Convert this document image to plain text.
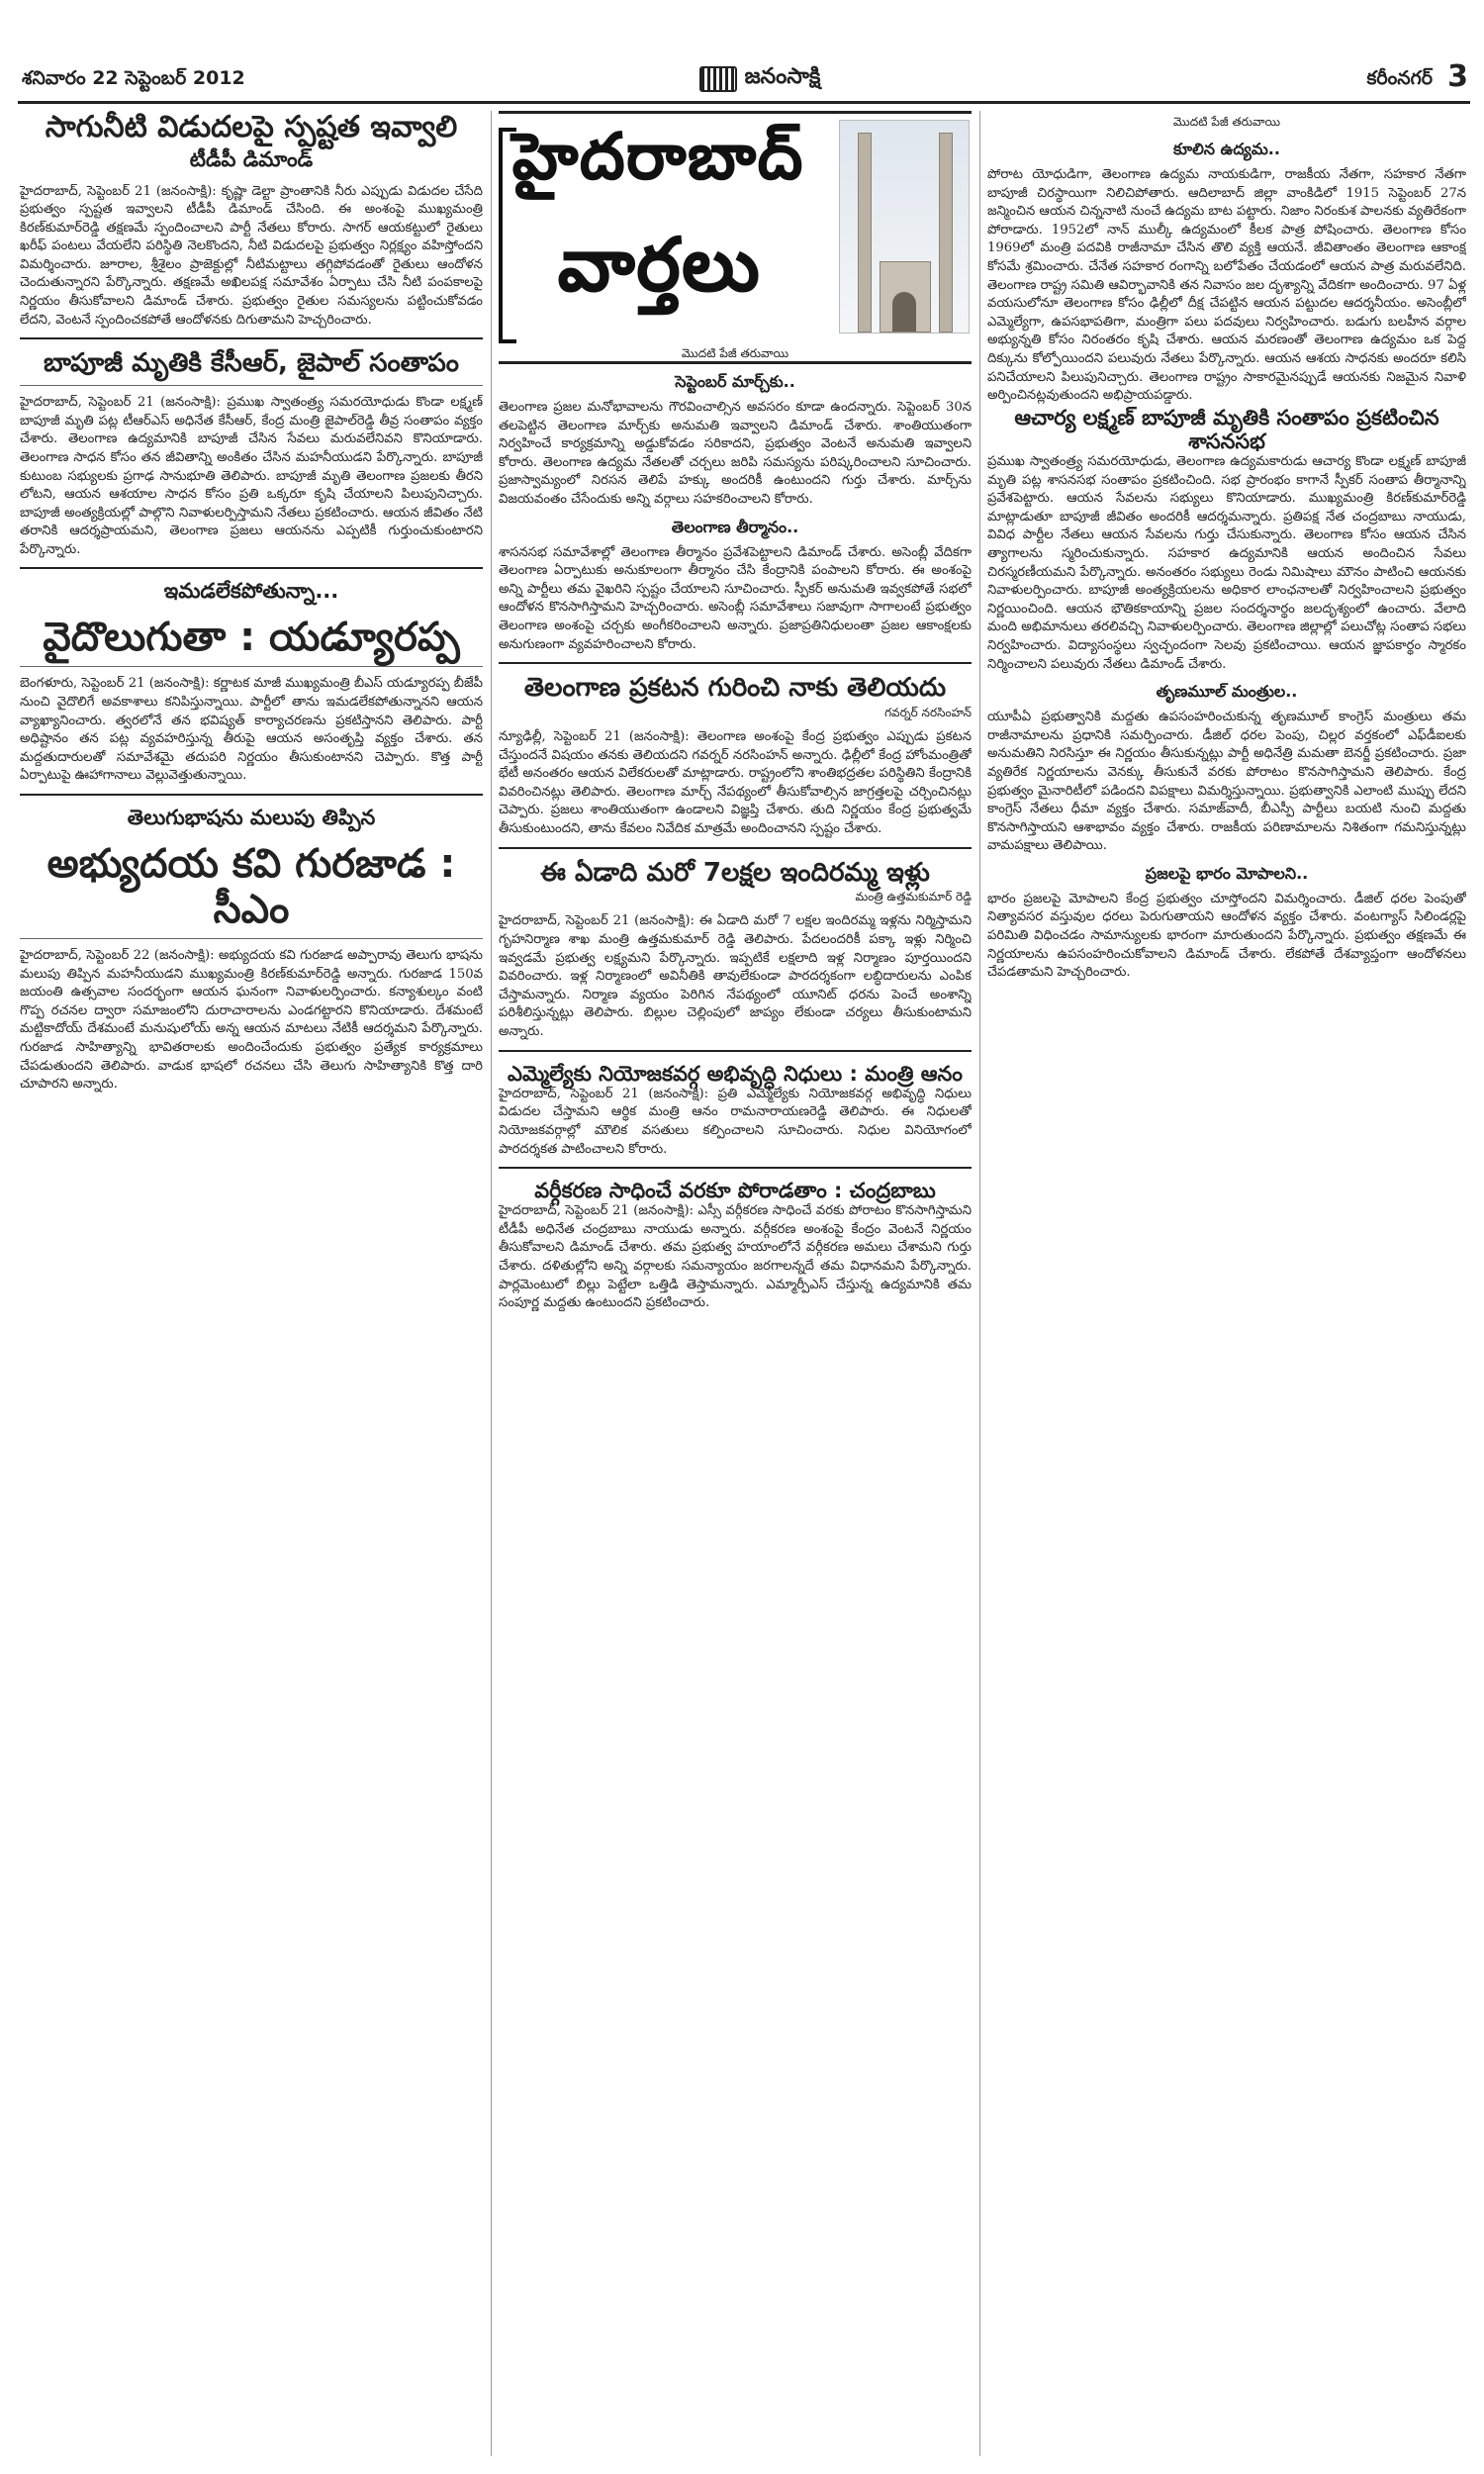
శనివారం 22 సెప్టెంబర్ 2012	జనంసాక్షి	కరీంనగర్ 3
సాగునీటి విడుదలపై స్పష్టత ఇవ్వాలి
టీడీపీ డిమాండ్

హైదరాబాద్, సెప్టెంబర్ 21 (జనంసాక్షి): కృష్ణా డెల్టా ప్రాంతానికి నీరు ఎప్పుడు విడుదల చేసేది ప్రభుత్వం స్పష్టత ఇవ్వాలని టీడీపీ డిమాండ్ చేసింది. ఈ అంశంపై ముఖ్యమంత్రి కిరణ్‌కుమార్‌రెడ్డి తక్షణమే స్పందించాలని పార్టీ నేతలు కోరారు. సాగర్ ఆయకట్టులో రైతులు ఖరీఫ్ పంటలు వేయలేని పరిస్థితి నెలకొందని, నీటి విడుదలపై ప్రభుత్వం నిర్లక్ష్యం వహిస్తోందని విమర్శించారు. జూరాల, శ్రీశైలం ప్రాజెక్టుల్లో నీటిమట్టాలు తగ్గిపోవడంతో రైతులు ఆందోళన చెందుతున్నారని పేర్కొన్నారు. తక్షణమే అఖిలపక్ష సమావేశం ఏర్పాటు చేసి నీటి పంపకాలపై నిర్ణయం తీసుకోవాలని డిమాండ్ చేశారు. ప్రభుత్వం రైతుల సమస్యలను పట్టించుకోవడం లేదని, వెంటనే స్పందించకపోతే ఆందోళనకు దిగుతామని హెచ్చరించారు.

బాపూజీ మృతికి కేసీఆర్, జైపాల్ సంతాపం

హైదరాబాద్, సెప్టెంబర్ 21 (జనంసాక్షి): ప్రముఖ స్వాతంత్ర్య సమరయోధుడు కొండా లక్ష్మణ్ బాపూజీ మృతి పట్ల టీఆర్‌ఎస్ అధినేత కేసీఆర్, కేంద్ర మంత్రి జైపాల్‌రెడ్డి తీవ్ర సంతాపం వ్యక్తం చేశారు. తెలంగాణ ఉద్యమానికి బాపూజీ చేసిన సేవలు మరువలేనివని కొనియాడారు. తెలంగాణ సాధన కోసం తన జీవితాన్ని అంకితం చేసిన మహనీయుడని పేర్కొన్నారు. బాపూజీ కుటుంబ సభ్యులకు ప్రగాఢ సానుభూతి తెలిపారు. బాపూజీ మృతి తెలంగాణ ప్రజలకు తీరని లోటని, ఆయన ఆశయాల సాధన కోసం ప్రతి ఒక్కరూ కృషి చేయాలని పిలుపునిచ్చారు. బాపూజీ అంత్యక్రియల్లో పాల్గొని నివాళులర్పిస్తామని నేతలు ప్రకటించారు. ఆయన జీవితం నేటి తరానికి ఆదర్శప్రాయమని, తెలంగాణ ప్రజలు ఆయనను ఎప్పటికీ గుర్తుంచుకుంటారని పేర్కొన్నారు.

ఇమడలేకపోతున్నా...
వైదొలుగుతా : యడ్యూరప్ప

బెంగళూరు, సెప్టెంబర్ 21 (జనంసాక్షి): కర్ణాటక మాజీ ముఖ్యమంత్రి బీఎస్ యడ్యూరప్ప బీజేపీ నుంచి వైదొలిగే అవకాశాలు కనిపిస్తున్నాయి. పార్టీలో తాను ఇమడలేకపోతున్నానని ఆయన వ్యాఖ్యానించారు. త్వరలోనే తన భవిష్యత్ కార్యాచరణను ప్రకటిస్తానని తెలిపారు. పార్టీ అధిష్టానం తన పట్ల వ్యవహరిస్తున్న తీరుపై ఆయన అసంతృప్తి వ్యక్తం చేశారు. తన మద్దతుదారులతో సమావేశమై తదుపరి నిర్ణయం తీసుకుంటానని చెప్పారు. కొత్త పార్టీ ఏర్పాటుపై ఊహాగానాలు వెల్లువెత్తుతున్నాయి.

తెలుగుభాషను మలుపు తిప్పిన
అభ్యుదయ కవి గురజాడ : సీఎం

హైదరాబాద్, సెప్టెంబర్ 22 (జనంసాక్షి): అభ్యుదయ కవి గురజాడ అప్పారావు తెలుగు భాషను మలుపు తిప్పిన మహనీయుడని ముఖ్యమంత్రి కిరణ్‌కుమార్‌రెడ్డి అన్నారు. గురజాడ 150వ జయంతి ఉత్సవాల సందర్భంగా ఆయన ఘనంగా నివాళులర్పించారు. కన్యాశుల్కం వంటి గొప్ప రచనల ద్వారా సమాజంలోని దురాచారాలను ఎండగట్టారని కొనియాడారు. దేశమంటే మట్టికాదోయ్ దేశమంటే మనుషులోయ్ అన్న ఆయన మాటలు నేటికీ ఆదర్శమని పేర్కొన్నారు. గురజాడ సాహిత్యాన్ని భావితరాలకు అందించేందుకు ప్రభుత్వం ప్రత్యేక కార్యక్రమాలు చేపడుతుందని తెలిపారు. వాడుక భాషలో రచనలు చేసి తెలుగు సాహిత్యానికి కొత్త దారి చూపారని అన్నారు.

హైదరాబాద్
వార్తలు
మొదటి పేజీ తరువాయి
సెప్టెంబర్ మార్చ్‌కు..

తెలంగాణ ప్రజల మనోభావాలను గౌరవించాల్సిన అవసరం కూడా ఉందన్నారు. సెప్టెంబర్ 30న తలపెట్టిన తెలంగాణ మార్చ్‌కు అనుమతి ఇవ్వాలని డిమాండ్ చేశారు. శాంతియుతంగా నిర్వహించే కార్యక్రమాన్ని అడ్డుకోవడం సరికాదని, ప్రభుత్వం వెంటనే అనుమతి ఇవ్వాలని కోరారు. తెలంగాణ ఉద్యమ నేతలతో చర్చలు జరిపి సమస్యను పరిష్కరించాలని సూచించారు. ప్రజాస్వామ్యంలో నిరసన తెలిపే హక్కు అందరికీ ఉంటుందని గుర్తు చేశారు. మార్చ్‌ను విజయవంతం చేసేందుకు అన్ని వర్గాలు సహకరించాలని కోరారు.

తెలంగాణ తీర్మానం..

శాసనసభ సమావేశాల్లో తెలంగాణ తీర్మానం ప్రవేశపెట్టాలని డిమాండ్ చేశారు. అసెంబ్లీ వేదికగా తెలంగాణ ఏర్పాటుకు అనుకూలంగా తీర్మానం చేసి కేంద్రానికి పంపాలని కోరారు. ఈ అంశంపై అన్ని పార్టీలు తమ వైఖరిని స్పష్టం చేయాలని సూచించారు. స్పీకర్ అనుమతి ఇవ్వకపోతే సభలో ఆందోళన కొనసాగిస్తామని హెచ్చరించారు. అసెంబ్లీ సమావేశాలు సజావుగా సాగాలంటే ప్రభుత్వం తెలంగాణ అంశంపై చర్చకు అంగీకరించాలని అన్నారు. ప్రజాప్రతినిధులంతా ప్రజల ఆకాంక్షలకు అనుగుణంగా వ్యవహరించాలని కోరారు.

తెలంగాణ ప్రకటన గురించి నాకు తెలియదు
గవర్నర్ నరసింహన్

న్యూఢిల్లీ, సెప్టెంబర్ 21 (జనంసాక్షి): తెలంగాణ అంశంపై కేంద్ర ప్రభుత్వం ఎప్పుడు ప్రకటన చేస్తుందనే విషయం తనకు తెలియదని గవర్నర్ నరసింహన్ అన్నారు. ఢిల్లీలో కేంద్ర హోంమంత్రితో భేటీ అనంతరం ఆయన విలేకరులతో మాట్లాడారు. రాష్ట్రంలోని శాంతిభద్రతల పరిస్థితిని కేంద్రానికి వివరించినట్లు తెలిపారు. తెలంగాణ మార్చ్ నేపథ్యంలో తీసుకోవాల్సిన జాగ్రత్తలపై చర్చించినట్లు చెప్పారు. ప్రజలు శాంతియుతంగా ఉండాలని విజ్ఞప్తి చేశారు. తుది నిర్ణయం కేంద్ర ప్రభుత్వమే తీసుకుంటుందని, తాను కేవలం నివేదిక మాత్రమే అందించానని స్పష్టం చేశారు.

ఈ ఏడాది మరో 7లక్షల ఇందిరమ్మ ఇళ్లు
మంత్రి ఉత్తమకుమార్ రెడ్డి

హైదరాబాద్, సెప్టెంబర్ 21 (జనంసాక్షి): ఈ ఏడాది మరో 7 లక్షల ఇందిరమ్మ ఇళ్లను నిర్మిస్తామని గృహనిర్మాణ శాఖ మంత్రి ఉత్తమకుమార్ రెడ్డి తెలిపారు. పేదలందరికీ పక్కా ఇళ్లు నిర్మించి ఇవ్వడమే ప్రభుత్వ లక్ష్యమని పేర్కొన్నారు. ఇప్పటికే లక్షలాది ఇళ్ల నిర్మాణం పూర్తయిందని వివరించారు. ఇళ్ల నిర్మాణంలో అవినీతికి తావులేకుండా పారదర్శకంగా లబ్ధిదారులను ఎంపిక చేస్తామన్నారు. నిర్మాణ వ్యయం పెరిగిన నేపథ్యంలో యూనిట్ ధరను పెంచే అంశాన్ని పరిశీలిస్తున్నట్లు తెలిపారు. బిల్లుల చెల్లింపులో జాప్యం లేకుండా చర్యలు తీసుకుంటామని అన్నారు.

ఎమ్మెల్యేకు నియోజకవర్గ అభివృద్ధి నిధులు : మంత్రి ఆనం

హైదరాబాద్, సెప్టెంబర్ 21 (జనంసాక్షి): ప్రతి ఎమ్మెల్యేకు నియోజకవర్గ అభివృద్ధి నిధులు విడుదల చేస్తామని ఆర్థిక మంత్రి ఆనం రామనారాయణరెడ్డి తెలిపారు. ఈ నిధులతో నియోజకవర్గాల్లో మౌలిక వసతులు కల్పించాలని సూచించారు. నిధుల వినియోగంలో పారదర్శకత పాటించాలని కోరారు.

వర్గీకరణ సాధించే వరకూ పోరాడతాం : చంద్రబాబు

హైదరాబాద్, సెప్టెంబర్ 21 (జనంసాక్షి): ఎస్సీ వర్గీకరణ సాధించే వరకు పోరాటం కొనసాగిస్తామని టీడీపీ అధినేత చంద్రబాబు నాయుడు అన్నారు. వర్గీకరణ అంశంపై కేంద్రం వెంటనే నిర్ణయం తీసుకోవాలని డిమాండ్ చేశారు. తమ ప్రభుత్వ హయాంలోనే వర్గీకరణ అమలు చేశామని గుర్తు చేశారు. దళితుల్లోని అన్ని వర్గాలకు సమన్యాయం జరగాలన్నదే తమ విధానమని పేర్కొన్నారు. పార్లమెంటులో బిల్లు పెట్టేలా ఒత్తిడి తెస్తామన్నారు. ఎమ్మార్పీఎస్ చేస్తున్న ఉద్యమానికి తమ సంపూర్ణ మద్దతు ఉంటుందని ప్రకటించారు.

మొదటి పేజీ తరువాయి
కూలిన ఉద్యమ..

పోరాట యోధుడిగా, తెలంగాణ ఉద్యమ నాయకుడిగా, రాజకీయ నేతగా, సహకార నేతగా బాపూజీ చిరస్థాయిగా నిలిచిపోతారు. ఆదిలాబాద్ జిల్లా వాంకిడిలో 1915 సెప్టెంబర్ 27న జన్మించిన ఆయన చిన్ననాటి నుంచే ఉద్యమ బాట పట్టారు. నిజాం నిరంకుశ పాలనకు వ్యతిరేకంగా పోరాడారు. 1952లో నాన్ ముల్కీ ఉద్యమంలో కీలక పాత్ర పోషించారు. తెలంగాణ కోసం 1969లో మంత్రి పదవికి రాజీనామా చేసిన తొలి వ్యక్తి ఆయనే. జీవితాంతం తెలంగాణ ఆకాంక్ష కోసమే శ్రమించారు. చేనేత సహకార రంగాన్ని బలోపేతం చేయడంలో ఆయన పాత్ర మరువలేనిది. తెలంగాణ రాష్ట్ర సమితి ఆవిర్భావానికి తన నివాసం జల దృశ్యాన్ని వేదికగా అందించారు. 97 ఏళ్ల వయసులోనూ తెలంగాణ కోసం ఢిల్లీలో దీక్ష చేపట్టిన ఆయన పట్టుదల ఆదర్శనీయం. అసెంబ్లీలో ఎమ్మెల్యేగా, ఉపసభాపతిగా, మంత్రిగా పలు పదవులు నిర్వహించారు. బడుగు బలహీన వర్గాల అభ్యున్నతి కోసం నిరంతరం కృషి చేశారు. ఆయన మరణంతో తెలంగాణ ఉద్యమం ఒక పెద్ద దిక్కును కోల్పోయిందని పలువురు నేతలు పేర్కొన్నారు. ఆయన ఆశయ సాధనకు అందరూ కలిసి పనిచేయాలని పిలుపునిచ్చారు. తెలంగాణ రాష్ట్రం సాకారమైనప్పుడే ఆయనకు నిజమైన నివాళి అర్పించినట్లవుతుందని అభిప్రాయపడ్డారు.

ఆచార్య లక్ష్మణ్ బాపూజీ మృతికి సంతాపం ప్రకటించిన శాసనసభ

ప్రముఖ స్వాతంత్ర్య సమరయోధుడు, తెలంగాణ ఉద్యమకారుడు ఆచార్య కొండా లక్ష్మణ్ బాపూజీ మృతి పట్ల శాసనసభ సంతాపం ప్రకటించింది. సభ ప్రారంభం కాగానే స్పీకర్ సంతాప తీర్మానాన్ని ప్రవేశపెట్టారు. ఆయన సేవలను సభ్యులు కొనియాడారు. ముఖ్యమంత్రి కిరణ్‌కుమార్‌రెడ్డి మాట్లాడుతూ బాపూజీ జీవితం అందరికీ ఆదర్శమన్నారు. ప్రతిపక్ష నేత చంద్రబాబు నాయుడు, వివిధ పార్టీల నేతలు ఆయన సేవలను గుర్తు చేసుకున్నారు. తెలంగాణ కోసం ఆయన చేసిన త్యాగాలను స్మరించుకున్నారు. సహకార ఉద్యమానికి ఆయన అందించిన సేవలు చిరస్మరణీయమని పేర్కొన్నారు. అనంతరం సభ్యులు రెండు నిమిషాలు మౌనం పాటించి ఆయనకు నివాళులర్పించారు. బాపూజీ అంత్యక్రియలను అధికార లాంఛనాలతో నిర్వహించాలని ప్రభుత్వం నిర్ణయించింది. ఆయన భౌతికకాయాన్ని ప్రజల సందర్శనార్థం జలదృశ్యంలో ఉంచారు. వేలాది మంది అభిమానులు తరలివచ్చి నివాళులర్పించారు. తెలంగాణ జిల్లాల్లో పలుచోట్ల సంతాప సభలు నిర్వహించారు. విద్యాసంస్థలు స్వచ్ఛందంగా సెలవు ప్రకటించాయి. ఆయన జ్ఞాపకార్థం స్మారకం నిర్మించాలని పలువురు నేతలు డిమాండ్ చేశారు.

తృణమూల్ మంత్రుల..

యూపీఏ ప్రభుత్వానికి మద్దతు ఉపసంహరించుకున్న తృణమూల్ కాంగ్రెస్ మంత్రులు తమ రాజీనామాలను ప్రధానికి సమర్పించారు. డీజిల్ ధరల పెంపు, చిల్లర వర్తకంలో ఎఫ్‌డీఐలకు అనుమతిని నిరసిస్తూ ఈ నిర్ణయం తీసుకున్నట్లు పార్టీ అధినేత్రి మమతా బెనర్జీ ప్రకటించారు. ప్రజా వ్యతిరేక నిర్ణయాలను వెనక్కు తీసుకునే వరకు పోరాటం కొనసాగిస్తామని తెలిపారు. కేంద్ర ప్రభుత్వం మైనారిటీలో పడిందని విపక్షాలు విమర్శిస్తున్నాయి. ప్రభుత్వానికి ఎలాంటి ముప్పు లేదని కాంగ్రెస్ నేతలు ధీమా వ్యక్తం చేశారు. సమాజ్‌వాదీ, బీఎస్పీ పార్టీలు బయటి నుంచి మద్దతు కొనసాగిస్తాయని ఆశాభావం వ్యక్తం చేశారు. రాజకీయ పరిణామాలను నిశితంగా గమనిస్తున్నట్లు వామపక్షాలు తెలిపాయి.

ప్రజలపై భారం మోపాలని..

భారం ప్రజలపై మోపాలని కేంద్ర ప్రభుత్వం చూస్తోందని విమర్శించారు. డీజిల్ ధరల పెంపుతో నిత్యావసర వస్తువుల ధరలు పెరుగుతాయని ఆందోళన వ్యక్తం చేశారు. వంటగ్యాస్ సిలిండర్లపై పరిమితి విధించడం సామాన్యులకు భారంగా మారుతుందని పేర్కొన్నారు. ప్రభుత్వం తక్షణమే ఈ నిర్ణయాలను ఉపసంహరించుకోవాలని డిమాండ్ చేశారు. లేకపోతే దేశవ్యాప్తంగా ఆందోళనలు చేపడతామని హెచ్చరించారు.
